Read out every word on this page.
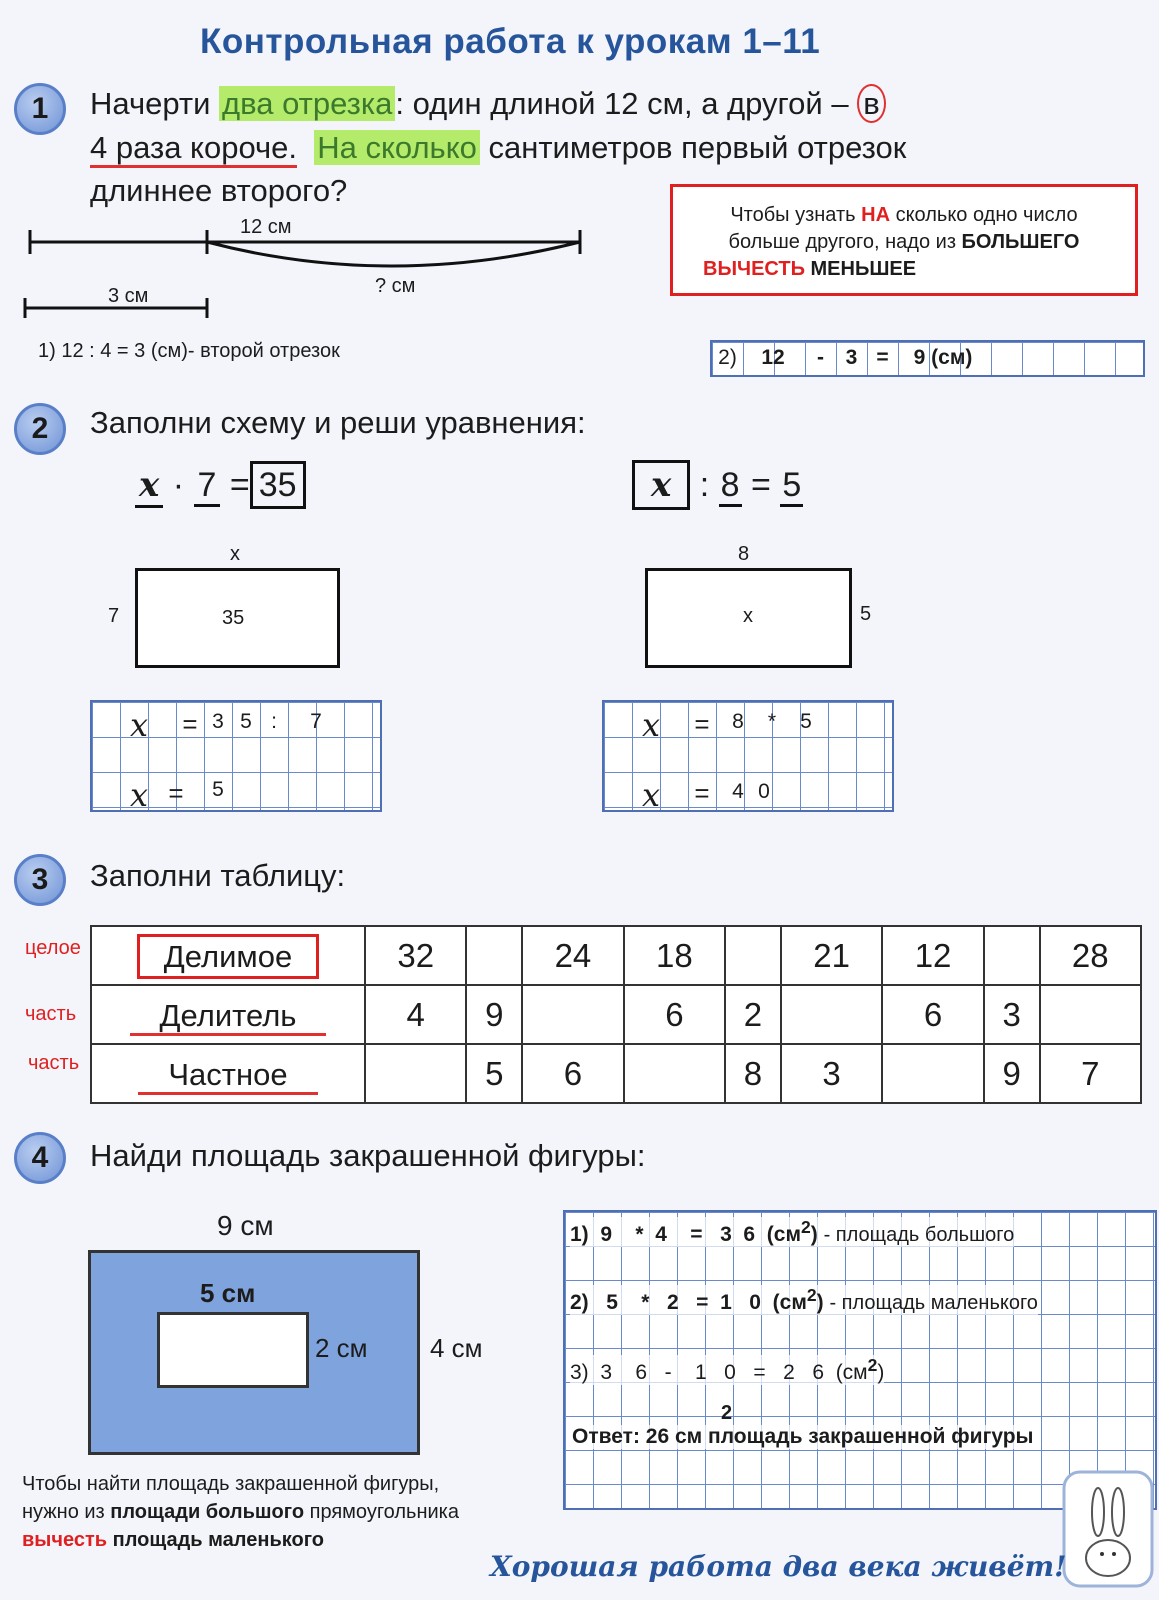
Контрольная работа к урокам 1–11
1	Начерти два отрезка: один длиной 12 см, а другой – в
4 раза короче. На сколько сантиметров первый отрезок
длиннее второго?
12 см
? см
3 см
1) 12 : 4 = 3 (см)- второй отрезок
Чтобы узнать НА сколько одно число
больше другого, надо из БОЛЬШЕГО
ВЫЧЕСТЬ МЕНЬШЕЕ
2)	12	-	3 =	9 (см)
2	Заполни схему и реши уравнения:
x · 7 = 35	x : 8 = 5
x
7	35
8
x	5
x = 3 5 :	7
x =	5
x =	8	*	5
x =	4 0
3	Заполни таблицу:
целое
часть
часть
Делимое	32		24	18		21	12		28
Делитель	4	9		6	2		6	3	
Частное		5	6		8	3		9	7
4	Найди площадь закрашенной фигуры:
9 см
5 см
2 см 4 см
1) 9 * 4 = 3 6 $(см^2)$ - площадь большого
2) 5 * 2 = 1 0 $(см^2)$ - площадь маленького
3) 3 6 - 1 0 = 2 6 $(см^2)$
2
Ответ: 26 см площадь закрашенной фигуры
Чтобы найти площадь закрашенной фигуры,
нужно из площади большого прямоугольника
вычесть площадь маленького
Хорошая работа два века живёт!
